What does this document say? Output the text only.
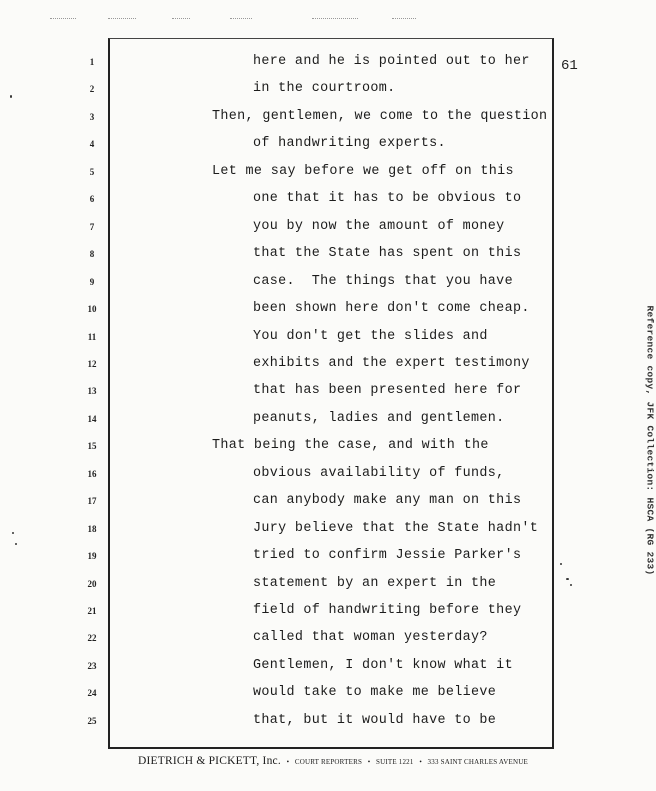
1	here and he is pointed out to her
2	in the courtroom.
3	Then, gentlemen, we come to the question
4	of handwriting experts.
5	Let me say before we get off on this
6	one that it has to be obvious to
7	you by now the amount of money
8	that the State has spent on this
9	case.  The things that you have
10	been shown here don't come cheap.
11	You don't get the slides and
12	exhibits and the expert testimony
13	that has been presented here for
14	peanuts, ladies and gentlemen.
15	That being the case, and with the
16	obvious availability of funds,
17	can anybody make any man on this
18	Jury believe that the State hadn't
19	tried to confirm Jessie Parker's
20	statement by an expert in the
21	field of handwriting before they
22	called that woman yesterday?
23	Gentlemen, I don't know what it
24	would take to make me believe
25	that, but it would have to be
61
Reference copy, JFK Collection: HSCA (RG 233)
DIETRICH & PICKETT, Inc. • COURT REPORTERS • SUITE 1221 • 333 SAINT CHARLES AVENUE
